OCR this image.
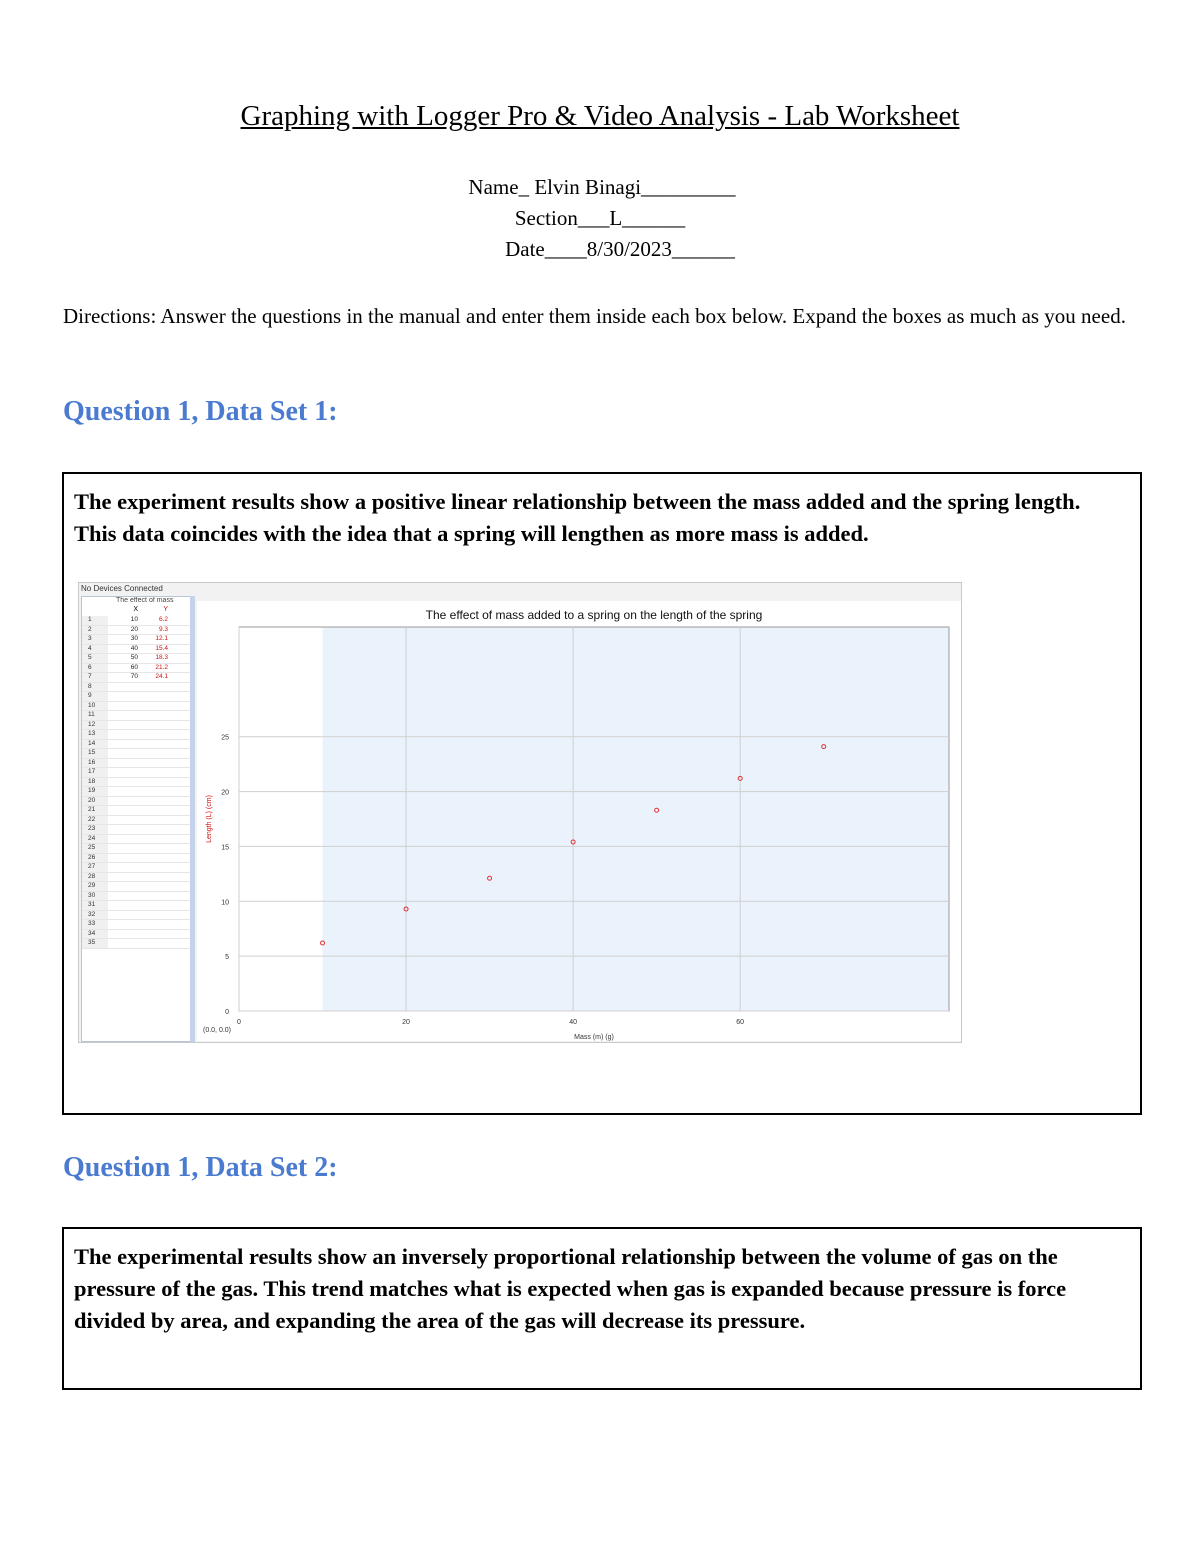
Graphing with Logger Pro & Video Analysis - Lab Worksheet
Name_ Elvin Binagi_________
Section___L______
Date____8/30/2023______
Directions: Answer the questions in the manual and enter them inside each box below. Expand the boxes as much as you need.
Question 1, Data Set 1:
The experiment results show a positive linear relationship between the mass added and the spring length. This data coincides with the idea that a spring will lengthen as more mass is added.
No Devices Connected
The effect of mass
X	Y
1	10	6.2
2	20	9.3
3	30	12.1
4	40	15.4
5	50	18.3
6	60	21.2
7	70	24.1
8
9
10
11
12
13
14
15
16
17
18
19
20
21
22
23
24
25
26
27
28
29
30
31
32
33
34
35
0
5
10
15
20
25
0	20	40	60
The effect of mass added to a spring on the length of the spring
Mass (m) (g)
Length (L) (cm)
(0.0, 0.0)
Question 1, Data Set 2:
The experimental results show an inversely proportional relationship between the volume of gas on the pressure of the gas. This trend matches what is expected when gas is expanded because pressure is force divided by area, and expanding the area of the gas will decrease its pressure.
